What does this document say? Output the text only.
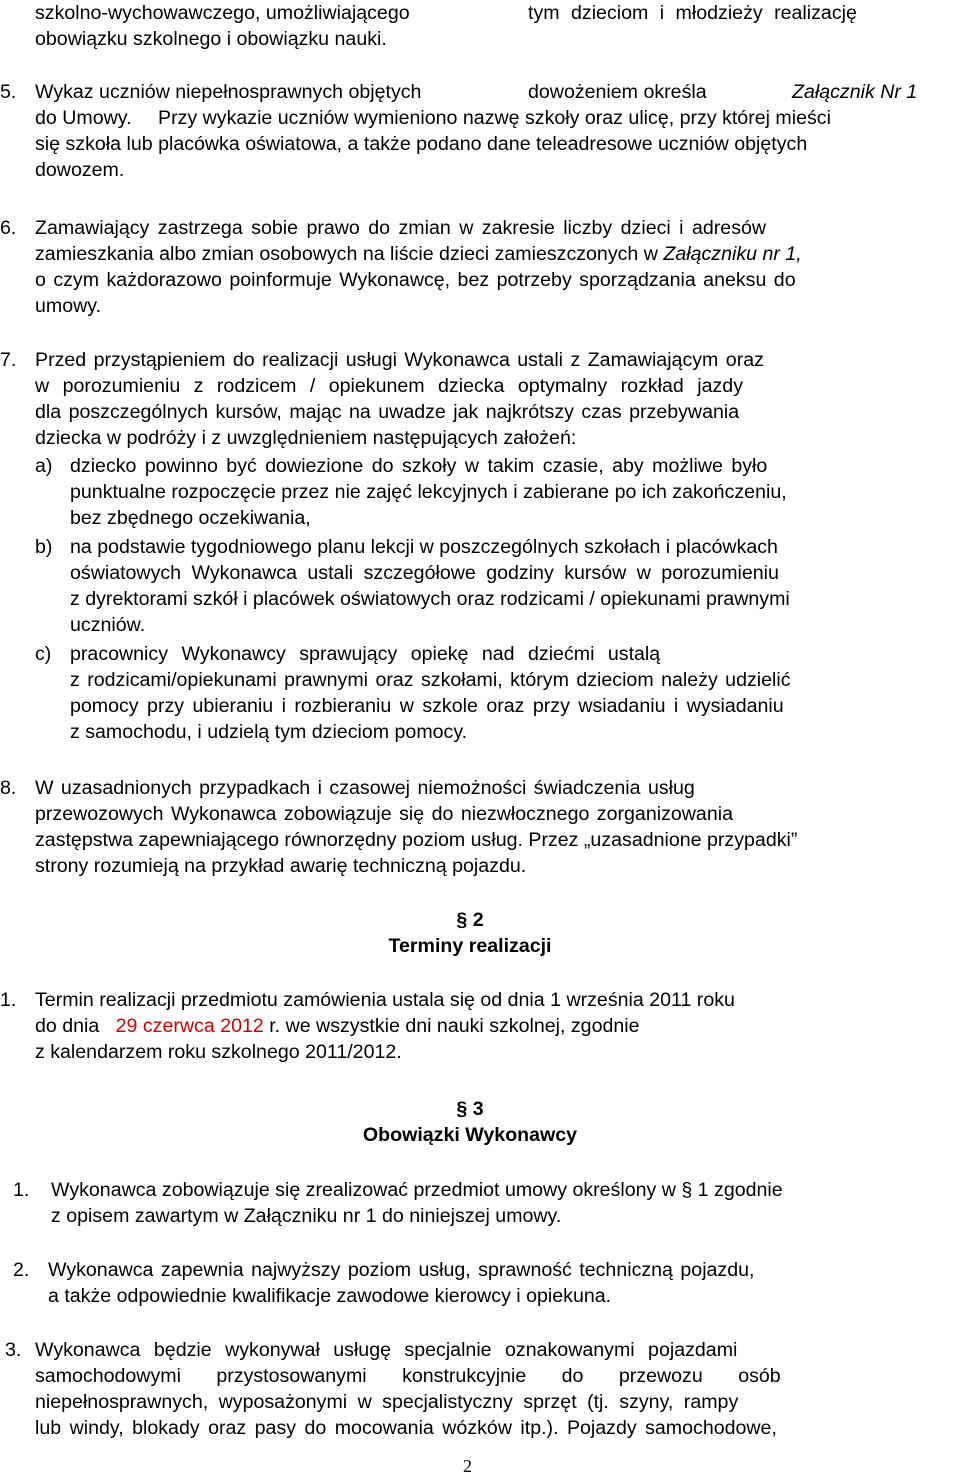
szkolno-wychowawczego, umożliwiającego	tym dzieciom i młodzieży realizację
obowiązku szkolnego i obowiązku nauki.
5. Wykaz uczniów niepełnosprawnych objętych	dowożeniem określa	Załącznik Nr 1
do Umowy. Przy wykazie uczniów wymieniono nazwę szkoły oraz ulicę, przy której mieści
się szkoła lub placówka oświatowa, a także podano dane teleadresowe uczniów objętych
dowozem.
6. Zamawiający zastrzega sobie prawo do zmian w zakresie liczby dzieci i adresów
zamieszkania albo zmian osobowych na liście dzieci zamieszczonych w Załączniku nr 1,
o czym każdorazowo poinformuje Wykonawcę, bez potrzeby sporządzania aneksu do
umowy.
7. Przed przystąpieniem do realizacji usługi Wykonawca ustali z Zamawiającym oraz
w porozumieniu z rodzicem / opiekunem dziecka optymalny rozkład jazdy
dla poszczególnych kursów, mając na uwadze jak najkrótszy czas przebywania
dziecka w podróży i z uwzględnieniem następujących założeń:
a) dziecko powinno być dowiezione do szkoły w takim czasie, aby możliwe było
punktualne rozpoczęcie przez nie zajęć lekcyjnych i zabierane po ich zakończeniu,
bez zbędnego oczekiwania,
b) na podstawie tygodniowego planu lekcji w poszczególnych szkołach i placówkach
oświatowych Wykonawca ustali szczegółowe godziny kursów w porozumieniu
z dyrektorami szkół i placówek oświatowych oraz rodzicami / opiekunami prawnymi
uczniów.
c) pracownicy Wykonawcy sprawujący opiekę nad dziećmi ustalą
z rodzicami/opiekunami prawnymi oraz szkołami, którym dzieciom należy udzielić
pomocy przy ubieraniu i rozbieraniu w szkole oraz przy wsiadaniu i wysiadaniu
z samochodu, i udzielą tym dzieciom pomocy.
8. W uzasadnionych przypadkach i czasowej niemożności świadczenia usług
przewozowych Wykonawca zobowiązuje się do niezwłocznego zorganizowania
zastępstwa zapewniającego równorzędny poziom usług. Przez „uzasadnione przypadki”
strony rozumieją na przykład awarię techniczną pojazdu.
§ 2
Terminy realizacji
1. Termin realizacji przedmiotu zamówienia ustala się od dnia 1 września 2011 roku
do dnia 29 czerwca 2012 r. we wszystkie dni nauki szkolnej, zgodnie
z kalendarzem roku szkolnego 2011/2012.
§ 3
Obowiązki Wykonawcy
1. Wykonawca zobowiązuje się zrealizować przedmiot umowy określony w § 1 zgodnie
z opisem zawartym w Załączniku nr 1 do niniejszej umowy.
2. Wykonawca zapewnia najwyższy poziom usług, sprawność techniczną pojazdu,
a także odpowiednie kwalifikacje zawodowe kierowcy i opiekuna.
3. Wykonawca będzie wykonywał usługę specjalnie oznakowanymi pojazdami
samochodowymi przystosowanymi konstrukcyjnie do przewozu osób
niepełnosprawnych, wyposażonymi w specjalistyczny sprzęt (tj. szyny, rampy
lub windy, blokady oraz pasy do mocowania wózków itp.). Pojazdy samochodowe,
2
